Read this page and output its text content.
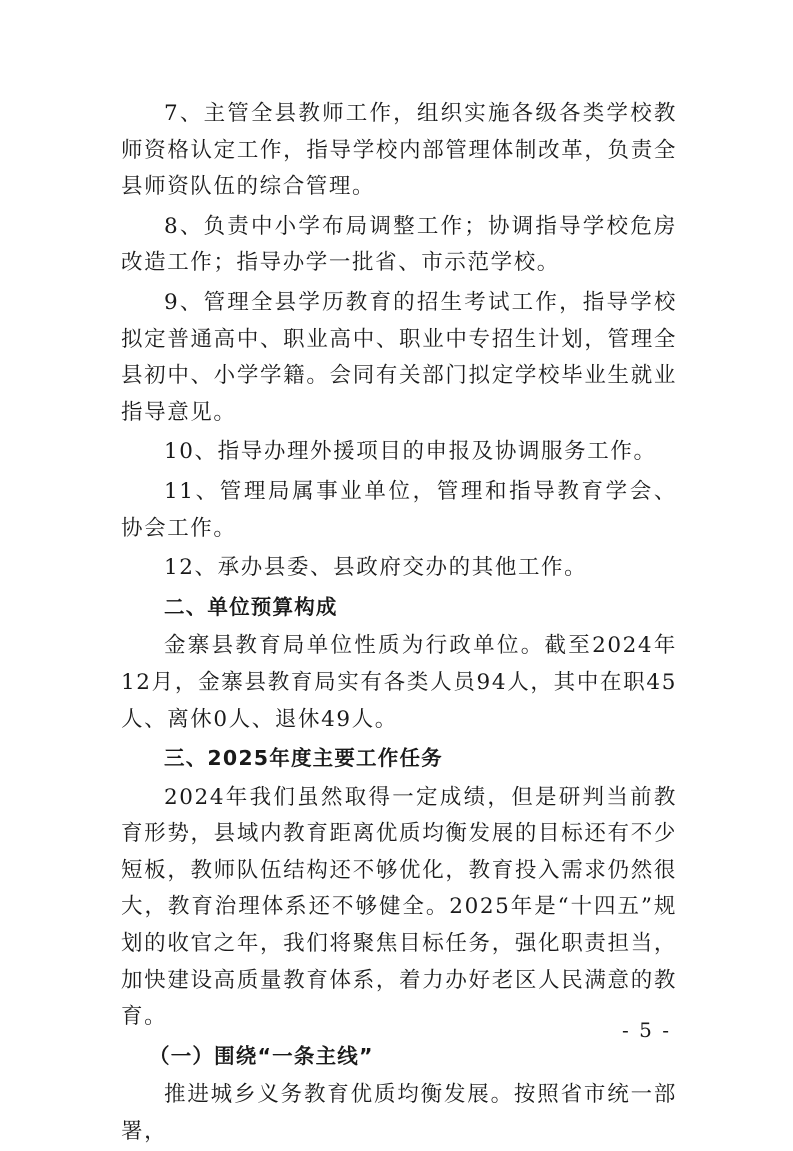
7、主管全县教师工作，组织实施各级各类学校教师资格认定工作，指导学校内部管理体制改革，负责全县师资队伍的综合管理。

8、负责中小学布局调整工作；协调指导学校危房改造工作；指导办学一批省、市示范学校。

9、管理全县学历教育的招生考试工作，指导学校拟定普通高中、职业高中、职业中专招生计划，管理全县初中、小学学籍。会同有关部门拟定学校毕业生就业指导意见。

10、指导办理外援项目的申报及协调服务工作。

11、管理局属事业单位，管理和指导教育学会、协会工作。

12、承办县委、县政府交办的其他工作。

二、单位预算构成

金寨县教育局单位性质为行政单位。截至2024年12月，金寨县教育局实有各类人员94人，其中在职45人、离休0人、退休49人。

三、2025年度主要工作任务

2024年我们虽然取得一定成绩，但是研判当前教育形势，县域内教育距离优质均衡发展的目标还有不少短板，教师队伍结构还不够优化，教育投入需求仍然很大，教育治理体系还不够健全。2025年是“十四五”规划的收官之年，我们将聚焦目标任务，强化职责担当，加快建设高质量教育体系，着力办好老区人民满意的教育。

（一）围绕“一条主线”

推进城乡义务教育优质均衡发展。按照省市统一部署，

- 5 -
